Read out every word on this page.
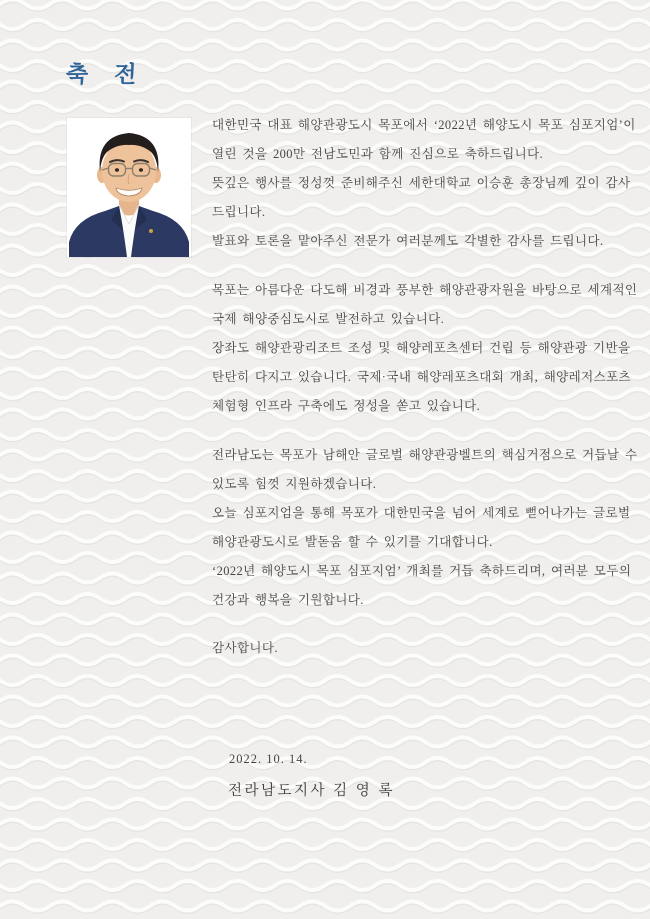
축 전
대한민국 대표 해양관광도시 목포에서 ‘2022년 해양도시 목포 심포지엄’이
열린 것을 200만 전남도민과 함께 진심으로 축하드립니다.
뜻깊은 행사를 정성껏 준비해주신 세한대학교 이승훈 총장님께 깊이 감사
드립니다.
발표와 토론을 맡아주신 전문가 여러분께도 각별한 감사를 드립니다.
목포는 아름다운 다도해 비경과 풍부한 해양관광자원을 바탕으로 세계적인
국제 해양중심도시로 발전하고 있습니다.
장좌도 해양관광리조트 조성 및 해양레포츠센터 건립 등 해양관광 기반을
탄탄히 다지고 있습니다. 국제·국내 해양레포츠대회 개최, 해양레저스포츠
체험형 인프라 구축에도 정성을 쏟고 있습니다.
전라남도는 목포가 남해안 글로벌 해양관광벨트의 핵심거점으로 거듭날 수
있도록 힘껏 지원하겠습니다.
오늘 심포지엄을 통해 목포가 대한민국을 넘어 세계로 뻗어나가는 글로벌
해양관광도시로 발돋움 할 수 있기를 기대합니다.
‘2022년 해양도시 목포 심포지엄’ 개최를 거듭 축하드리며, 여러분 모두의
건강과 행복을 기원합니다.
감사합니다.
2022. 10. 14.
전라남도지사 김 영 록
